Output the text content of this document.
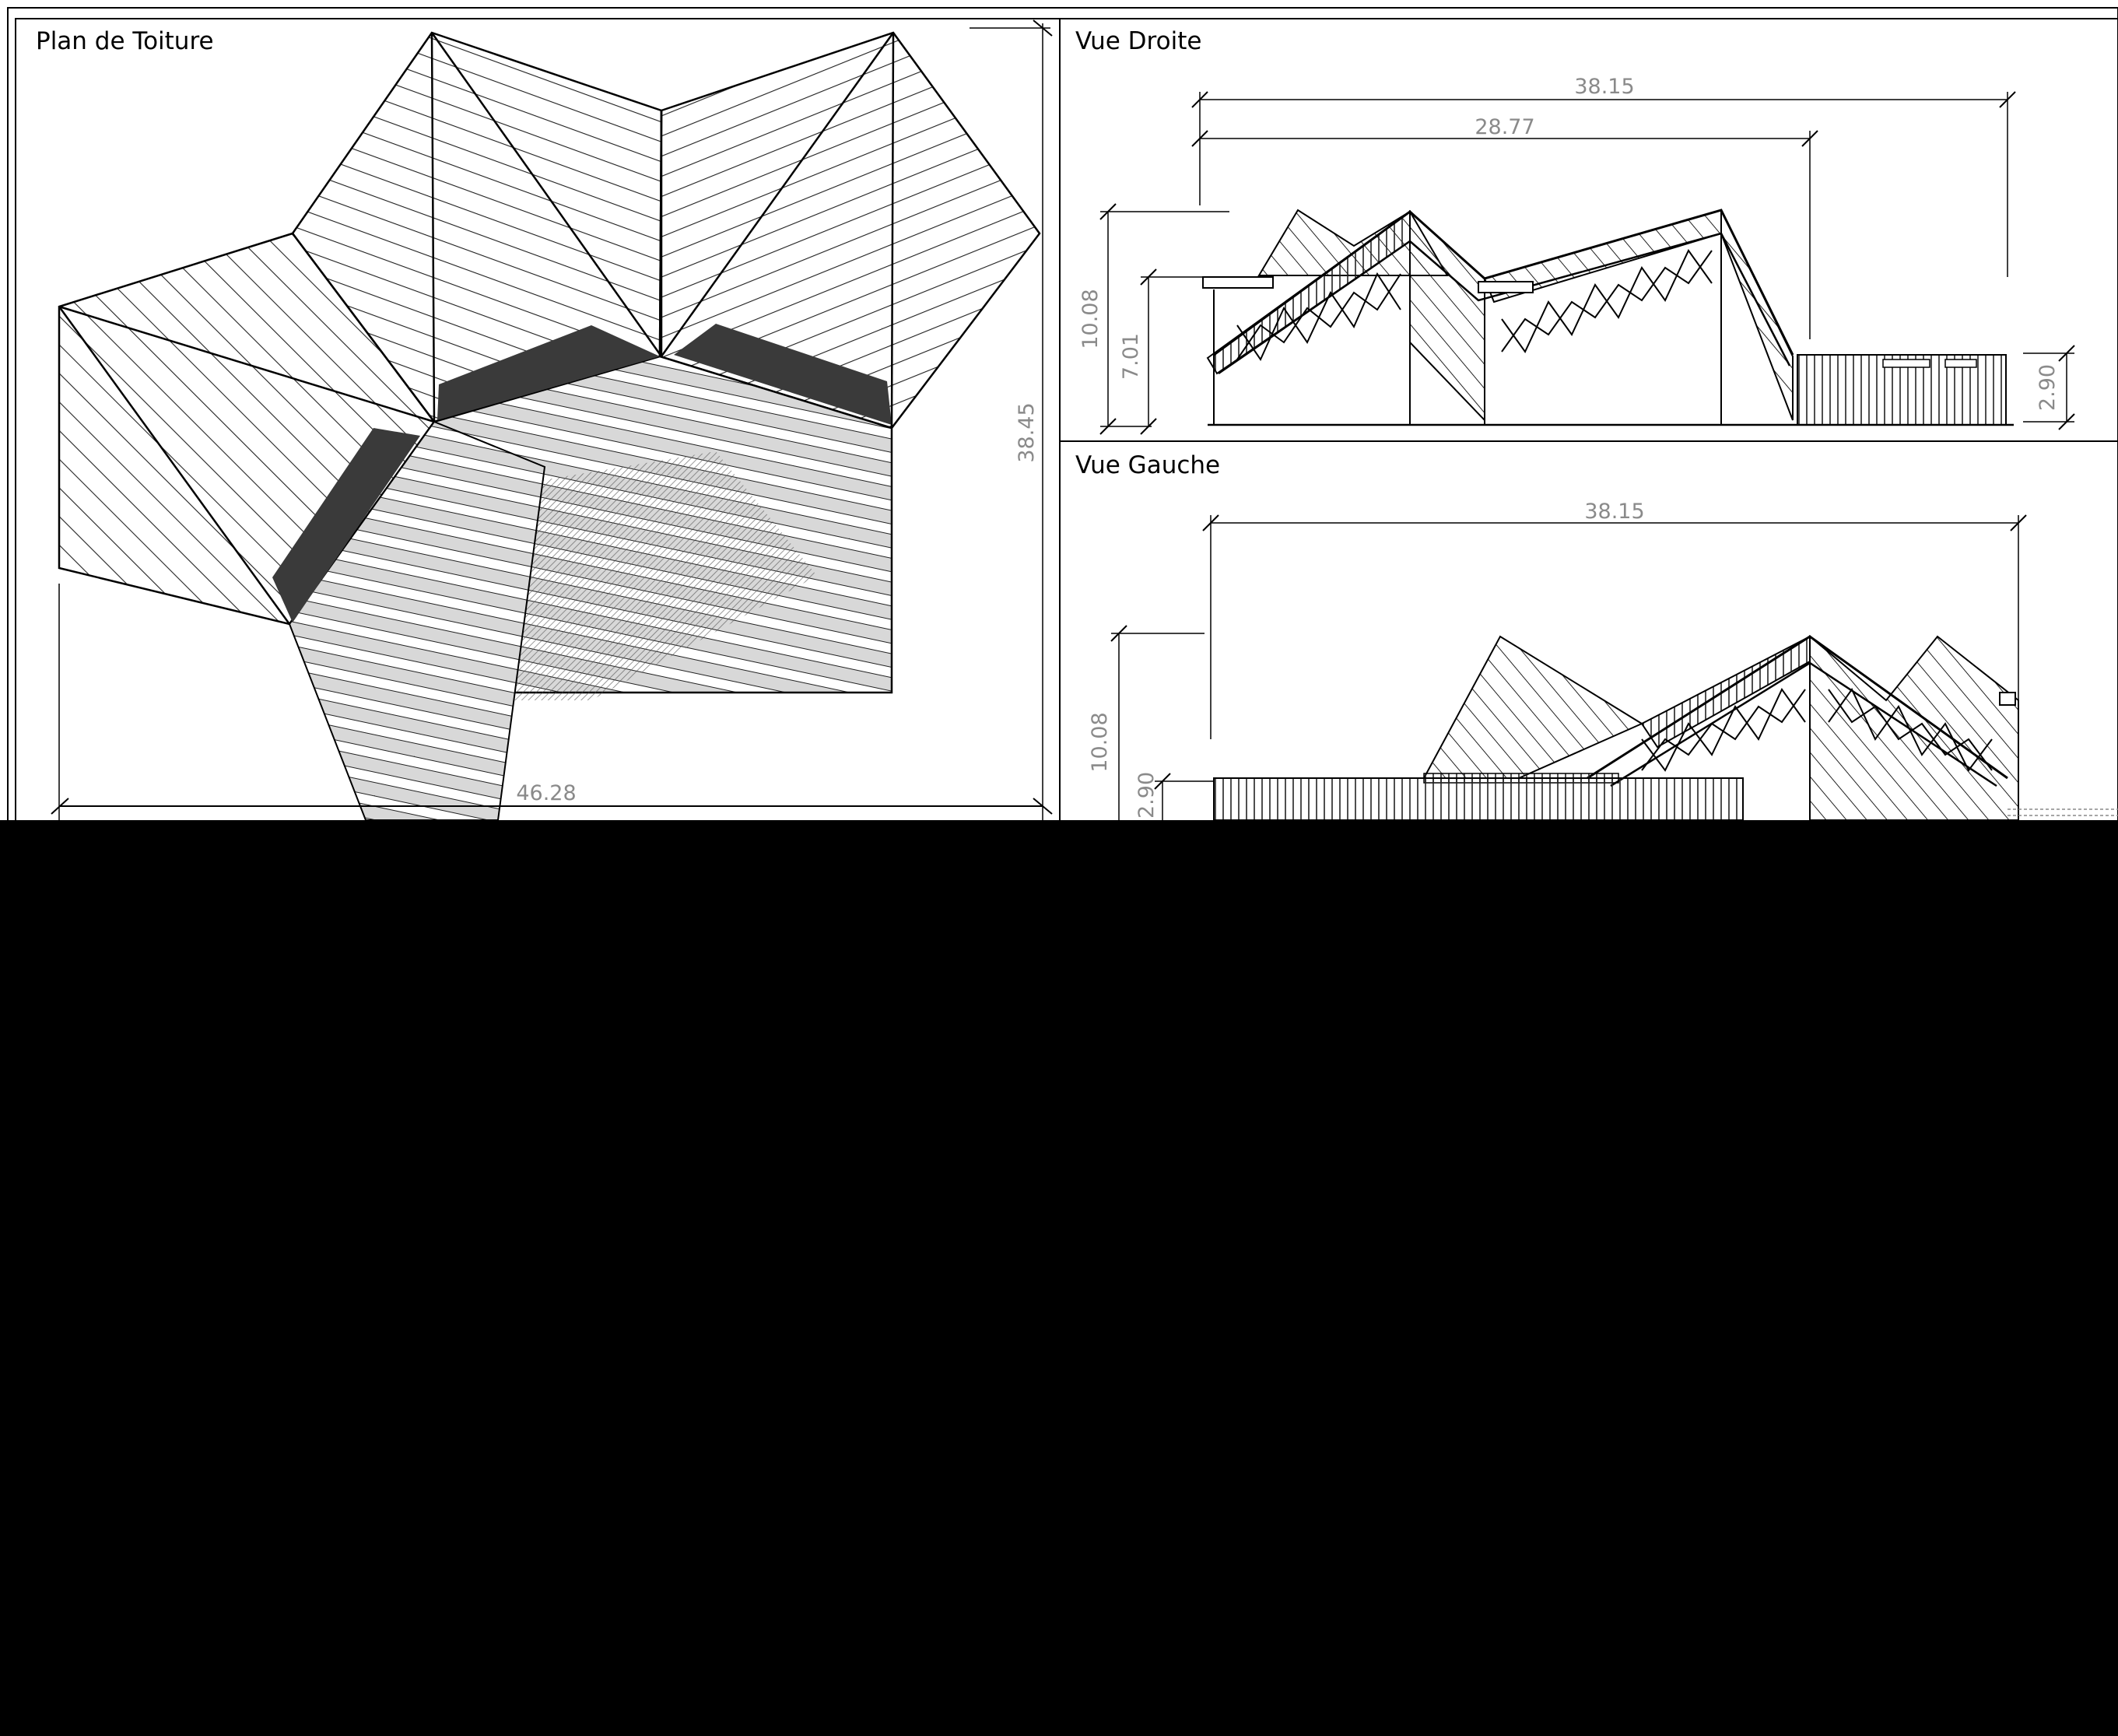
Plan de Toiture
46.28
38.45
Vue Droite
38.15
28.77
10.08
7.01
2.90
Vue Gauche
38.15
10.08
2.90
